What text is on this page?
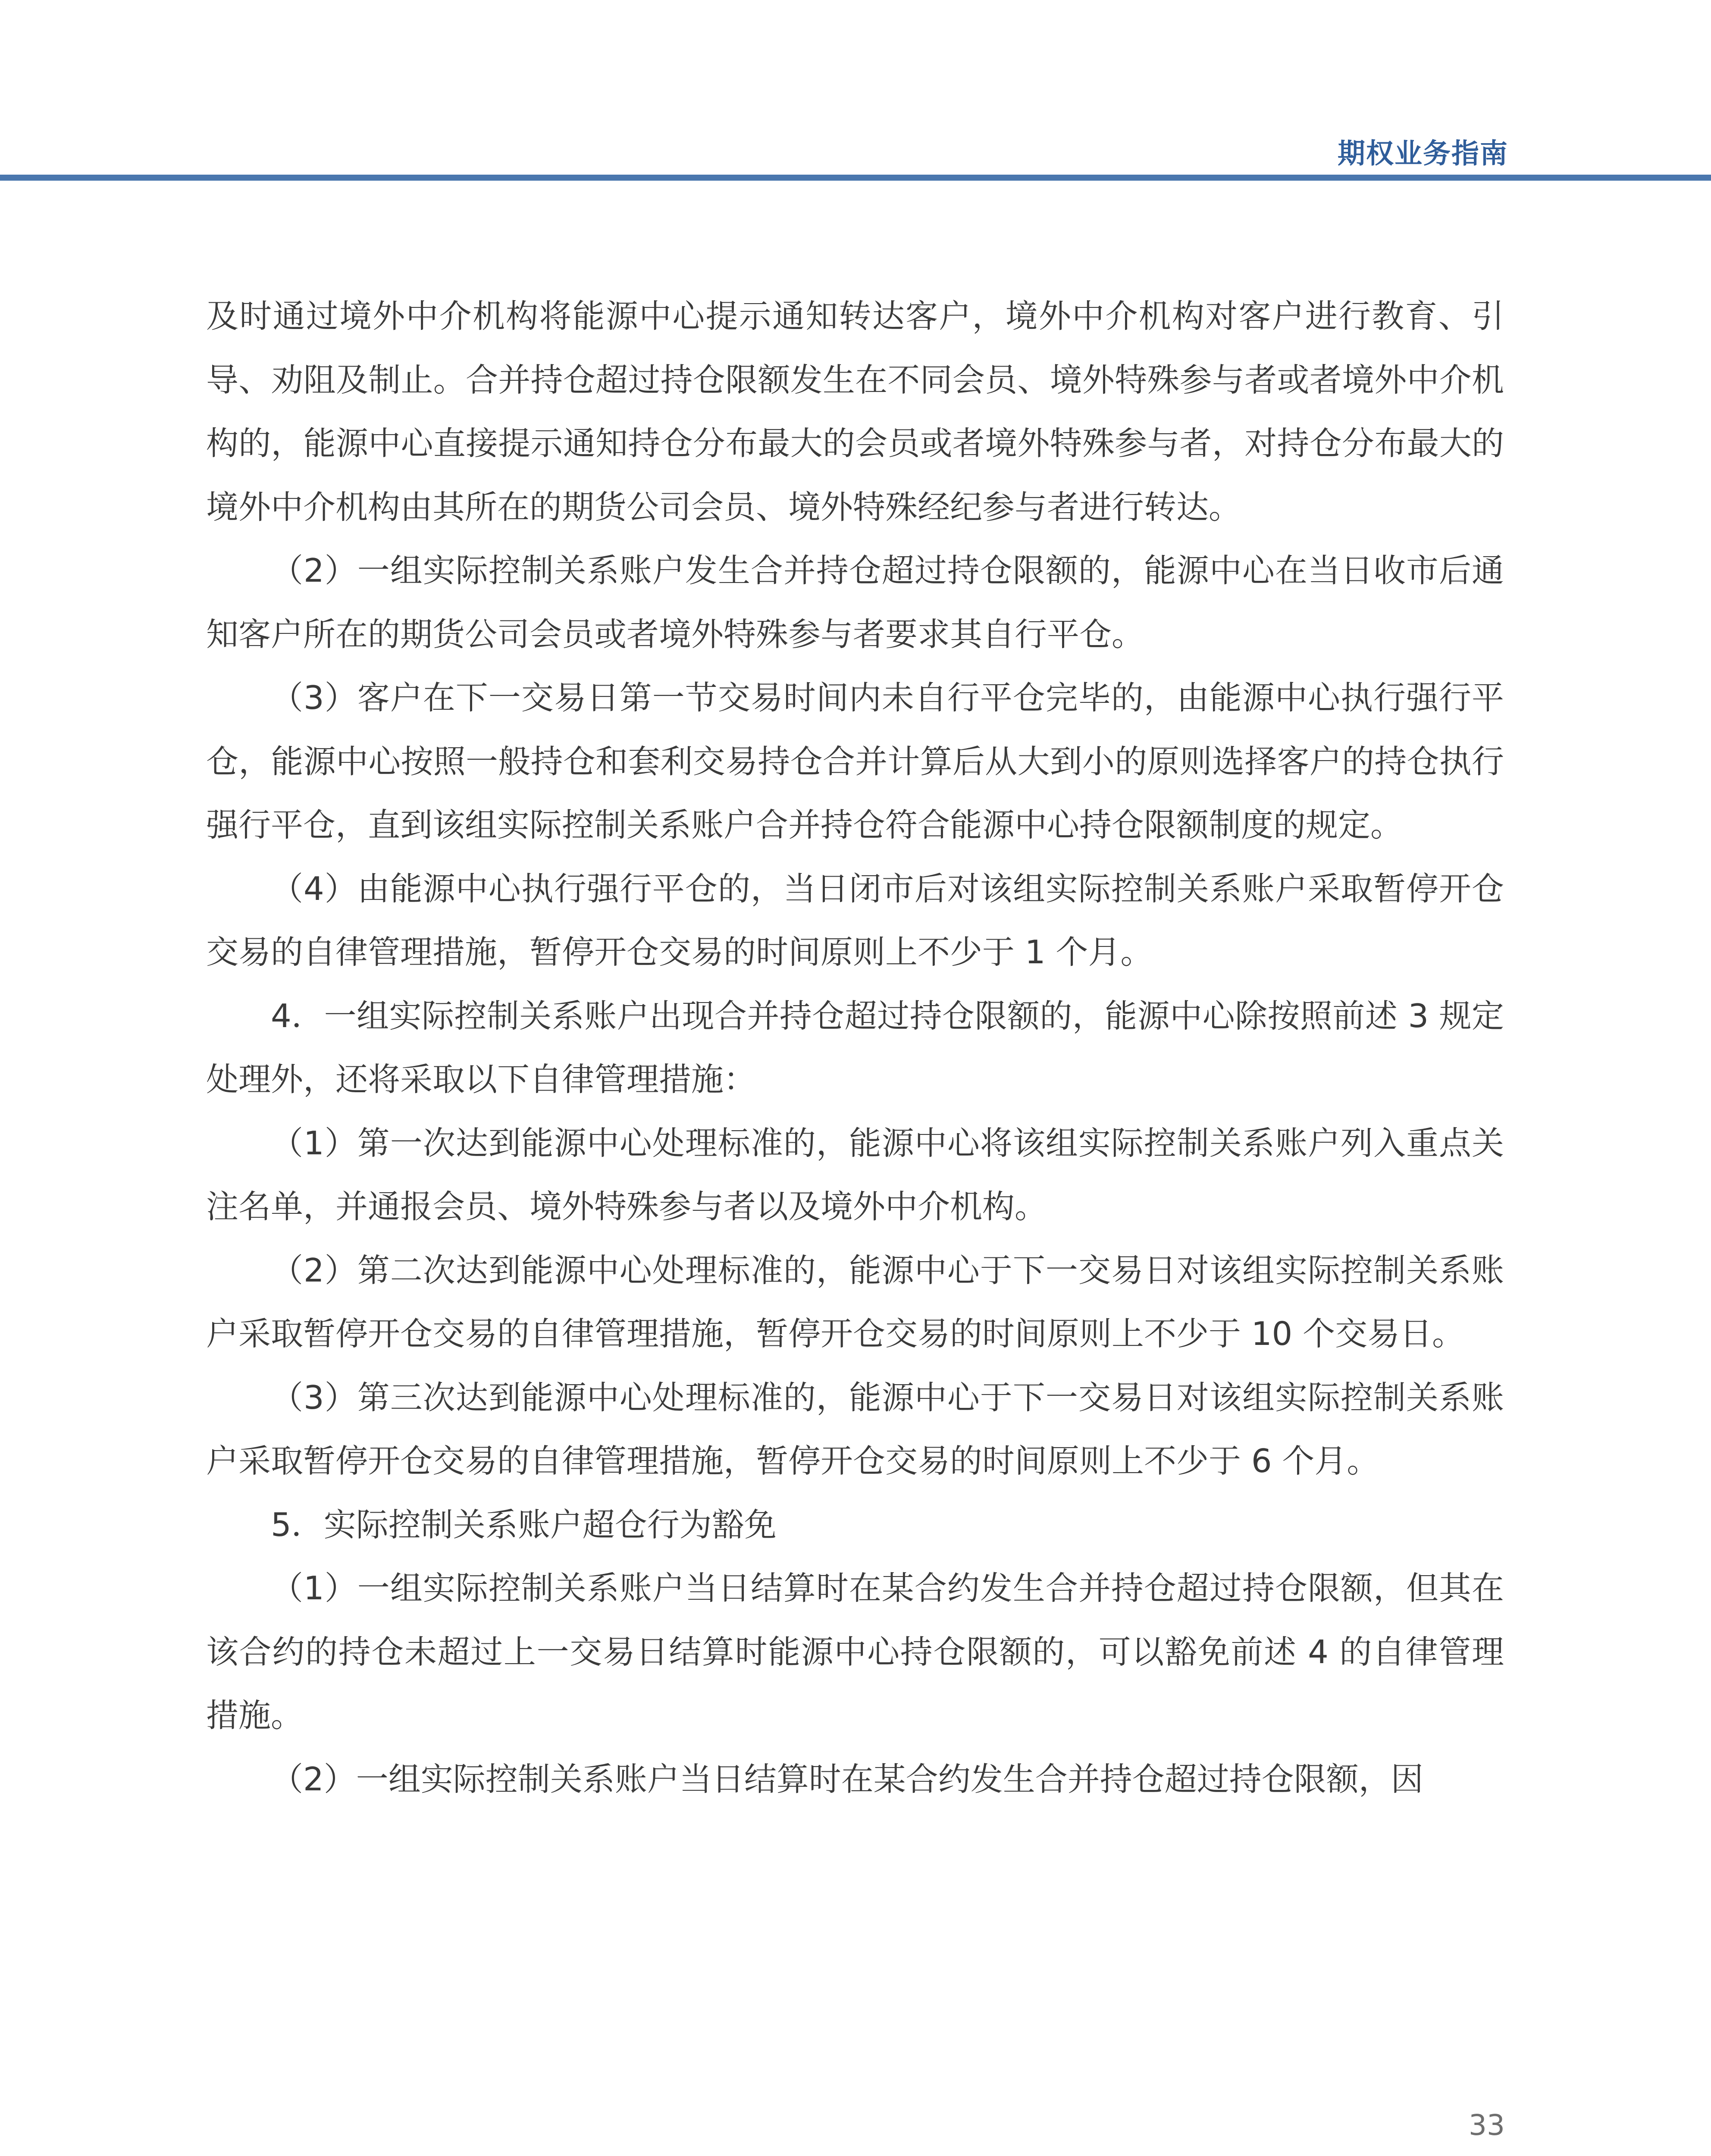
期权业务指南

及时通过境外中介机构将能源中心提示通知转达客户，境外中介机构对客户进行教育、引导、劝阻及制止。合并持仓超过持仓限额发生在不同会员、境外特殊参与者或者境外中介机构的，能源中心直接提示通知持仓分布最大的会员或者境外特殊参与者，对持仓分布最大的境外中介机构由其所在的期货公司会员、境外特殊经纪参与者进行转达。

（2）一组实际控制关系账户发生合并持仓超过持仓限额的，能源中心在当日收市后通知客户所在的期货公司会员或者境外特殊参与者要求其自行平仓。

（3）客户在下一交易日第一节交易时间内未自行平仓完毕的，由能源中心执行强行平仓，能源中心按照一般持仓和套利交易持仓合并计算后从大到小的原则选择客户的持仓执行强行平仓，直到该组实际控制关系账户合并持仓符合能源中心持仓限额制度的规定。

（4）由能源中心执行强行平仓的，当日闭市后对该组实际控制关系账户采取暂停开仓交易的自律管理措施，暂停开仓交易的时间原则上不少于 1 个月。

4．一组实际控制关系账户出现合并持仓超过持仓限额的，能源中心除按照前述 3 规定处理外，还将采取以下自律管理措施：

（1）第一次达到能源中心处理标准的，能源中心将该组实际控制关系账户列入重点关注名单，并通报会员、境外特殊参与者以及境外中介机构。

（2）第二次达到能源中心处理标准的，能源中心于下一交易日对该组实际控制关系账户采取暂停开仓交易的自律管理措施，暂停开仓交易的时间原则上不少于 10 个交易日。

（3）第三次达到能源中心处理标准的，能源中心于下一交易日对该组实际控制关系账户采取暂停开仓交易的自律管理措施，暂停开仓交易的时间原则上不少于 6 个月。

5．实际控制关系账户超仓行为豁免

（1）一组实际控制关系账户当日结算时在某合约发生合并持仓超过持仓限额，但其在该合约的持仓未超过上一交易日结算时能源中心持仓限额的，可以豁免前述 4 的自律管理措施。

（2）一组实际控制关系账户当日结算时在某合约发生合并持仓超过持仓限额，因

33
